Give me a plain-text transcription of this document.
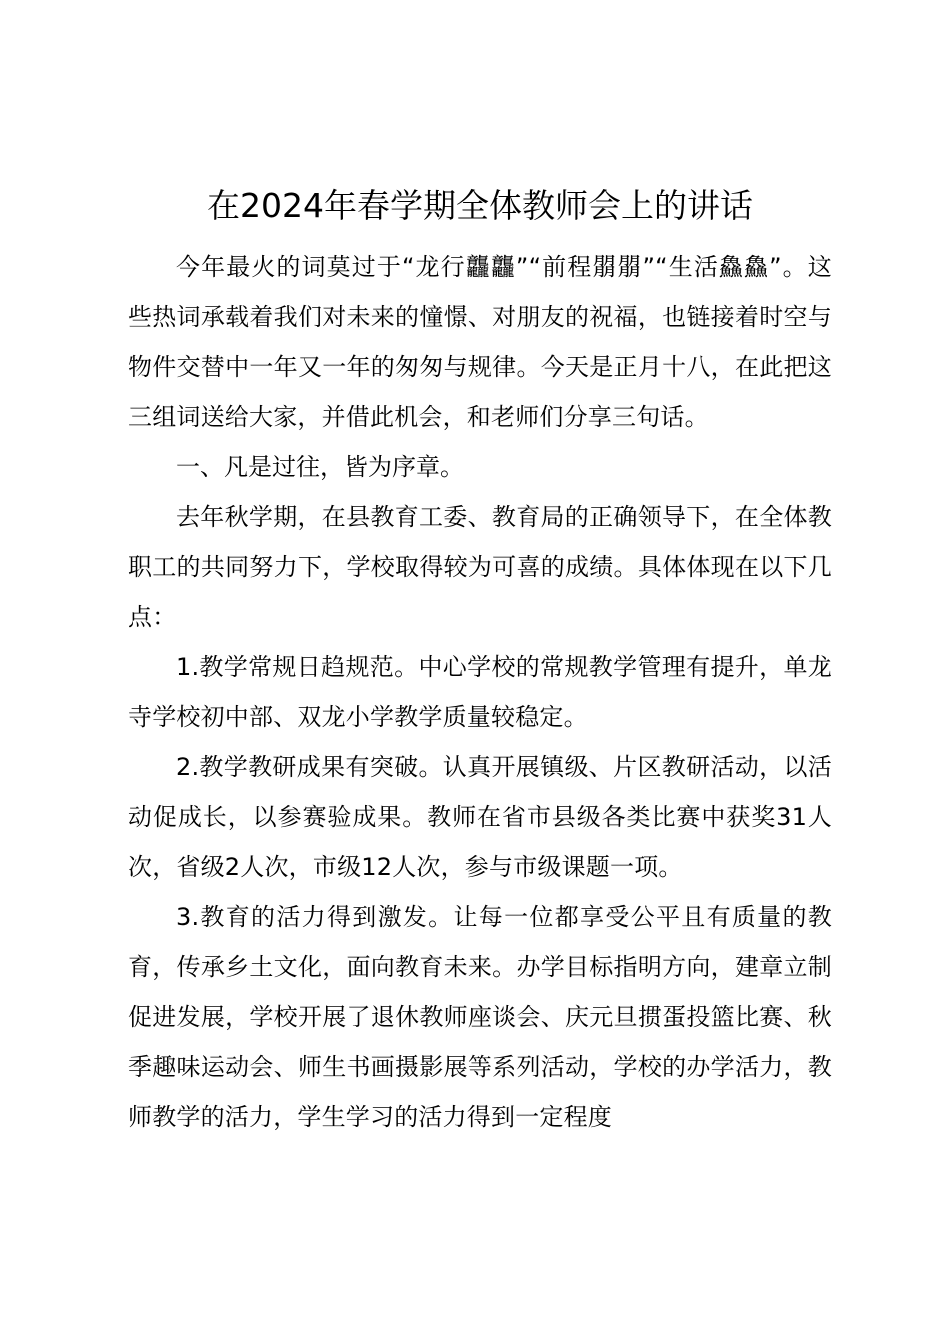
在2024年春学期全体教师会上的讲话

今年最火的词莫过于“龙行龘龘”“前程朤朤”“生活鱻鱻”。这些热词承载着我们对未来的憧憬、对朋友的祝福，也链接着时空与物件交替中一年又一年的匆匆与规律。今天是正月十八，在此把这三组词送给大家，并借此机会，和老师们分享三句话。

一、凡是过往，皆为序章。

去年秋学期，在县教育工委、教育局的正确领导下，在全体教职工的共同努力下，学校取得较为可喜的成绩。具体体现在以下几点：

1.教学常规日趋规范。中心学校的常规教学管理有提升，单龙寺学校初中部、双龙小学教学质量较稳定。

2.教学教研成果有突破。认真开展镇级、片区教研活动，以活动促成长，以参赛验成果。教师在省市县级各类比赛中获奖31人次，省级2人次，市级12人次，参与市级课题一项。

3.教育的活力得到激发。让每一位都享受公平且有质量的教育，传承乡土文化，面向教育未来。办学目标指明方向，建章立制促进发展，学校开展了退休教师座谈会、庆元旦掼蛋投篮比赛、秋季趣味运动会、师生书画摄影展等系列活动，学校的办学活力，教师教学的活力，学生学习的活力得到一定程度
